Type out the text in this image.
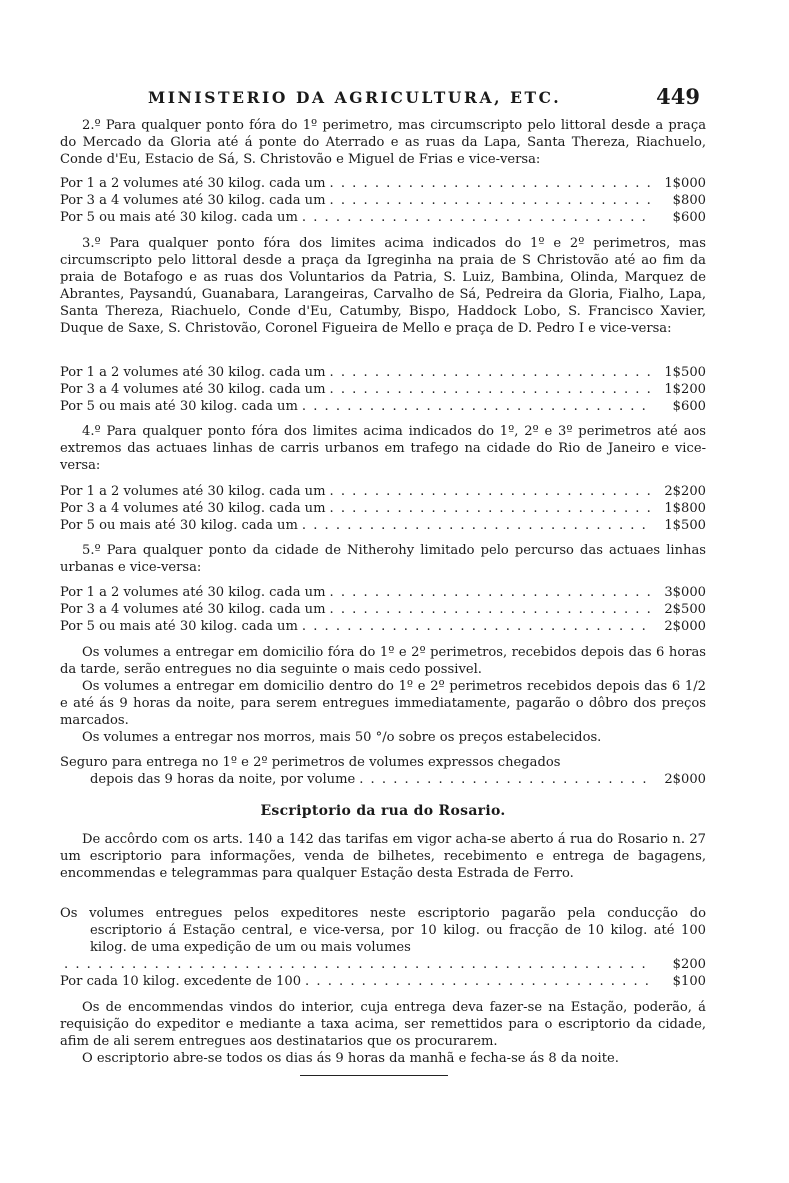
MINISTERIO DA AGRICULTURA, ETC.	449

2.º Para qualquer ponto fóra do 1º perimetro, mas circumscripto pelo littoral desde a praça do Mercado da Gloria até á ponte do Aterrado e as ruas da Lapa, Santa Thereza, Riachuelo, Conde d'Eu, Estacio de Sá, S. Christovão e Miguel de Frias e vice-versa:

Por 1 a 2 volumes até 30 kilog. cada um . . .	1$000
Por 3 a 4 volumes até 30 kilog. cada um . . .	$800
Por 5 ou mais até 30 kilog. cada um . . .	$600

3.º Para qualquer ponto fóra dos limites acima indicados do 1º e 2º perimetros, mas circumscripto pelo littoral desde a praça da Igreginha na praia de S Christovão até ao fim da praia de Botafogo e as ruas dos Voluntarios da Patria, S. Luiz, Bambina, Olinda, Marquez de Abrantes, Paysandú, Guanabara, Larangeiras, Carvalho de Sá, Pedreira da Gloria, Fialho, Lapa, Santa Thereza, Riachuelo, Conde d'Eu, Catumby, Bispo, Haddock Lobo, S. Francisco Xavier, Duque de Saxe, S. Christovão, Coronel Figueira de Mello e praça de D. Pedro I e vice-versa:

Por 1 a 2 volumes até 30 kilog. cada um . . .	1$500
Por 3 a 4 volumes até 30 kilog. cada um . . .	1$200
Por 5 ou mais até 30 kilog. cada um . . .	$600

4.º Para qualquer ponto fóra dos limites acima indicados do 1º, 2º e 3º perimetros até aos extremos das actuaes linhas de carris urbanos em trafego na cidade do Rio de Janeiro e vice-versa:

Por 1 a 2 volumes até 30 kilog. cada um . . .	2$200
Por 3 a 4 volumes até 30 kilog. cada um . . .	1$800
Por 5 ou mais até 30 kilog. cada um . . .	1$500

5.º Para qualquer ponto da cidade de Nitherohy limitado pelo percurso das actuaes linhas urbanas e vice-versa:

Por 1 a 2 volumes até 30 kilog. cada um . . .	3$000
Por 3 a 4 volumes até 30 kilog. cada um . . .	2$500
Por 5 ou mais até 30 kilog. cada um . . .	2$000

Os volumes a entregar em domicilio fóra do 1º e 2º perimetros, recebidos depois das 6 horas da tarde, serão entregues no dia seguinte o mais cedo possivel.

Os volumes a entregar em domicilio dentro do 1º e 2º perimetros recebidos depois das 6 1/2 e até ás 9 horas da noite, para serem entregues immediatamente, pagarão o dôbro dos preços marcados.

Os volumes a entregar nos morros, mais 50 °/o sobre os preços estabelecidos.

Seguro para entrega no 1º e 2º perimetros de volumes expressos chegados
depois das 9 horas da noite, por volume . . .	2$000
Escriptorio da rua do Rosario.

De accôrdo com os arts. 140 a 142 das tarifas em vigor acha-se aberto á rua do Rosario n. 27 um escriptorio para informações, venda de bilhetes, recebimento e entrega de bagagens, encommendas e telegrammas para qualquer Estação desta Estrada de Ferro.

Os volumes entregues pelos expeditores neste escriptorio pagarão pela conducção do escriptorio á Estação central, e vice-versa, por 10 kilog. ou fracção de 10 kilog. até 100 kilog. de uma expedição de um ou mais volumes

. . .
$200
Por cada 10 kilog. excedente de 100 . . .	$100

Os de encommendas vindos do interior, cuja entrega deva fazer-se na Estação, poderão, á requisição do expeditor e mediante a taxa acima, ser remettidos para o escriptorio da cidade, afim de ali serem entregues aos destinatarios que os procurarem.

O escriptorio abre-se todos os dias ás 9 horas da manhã e fecha-se ás 8 da noite.
